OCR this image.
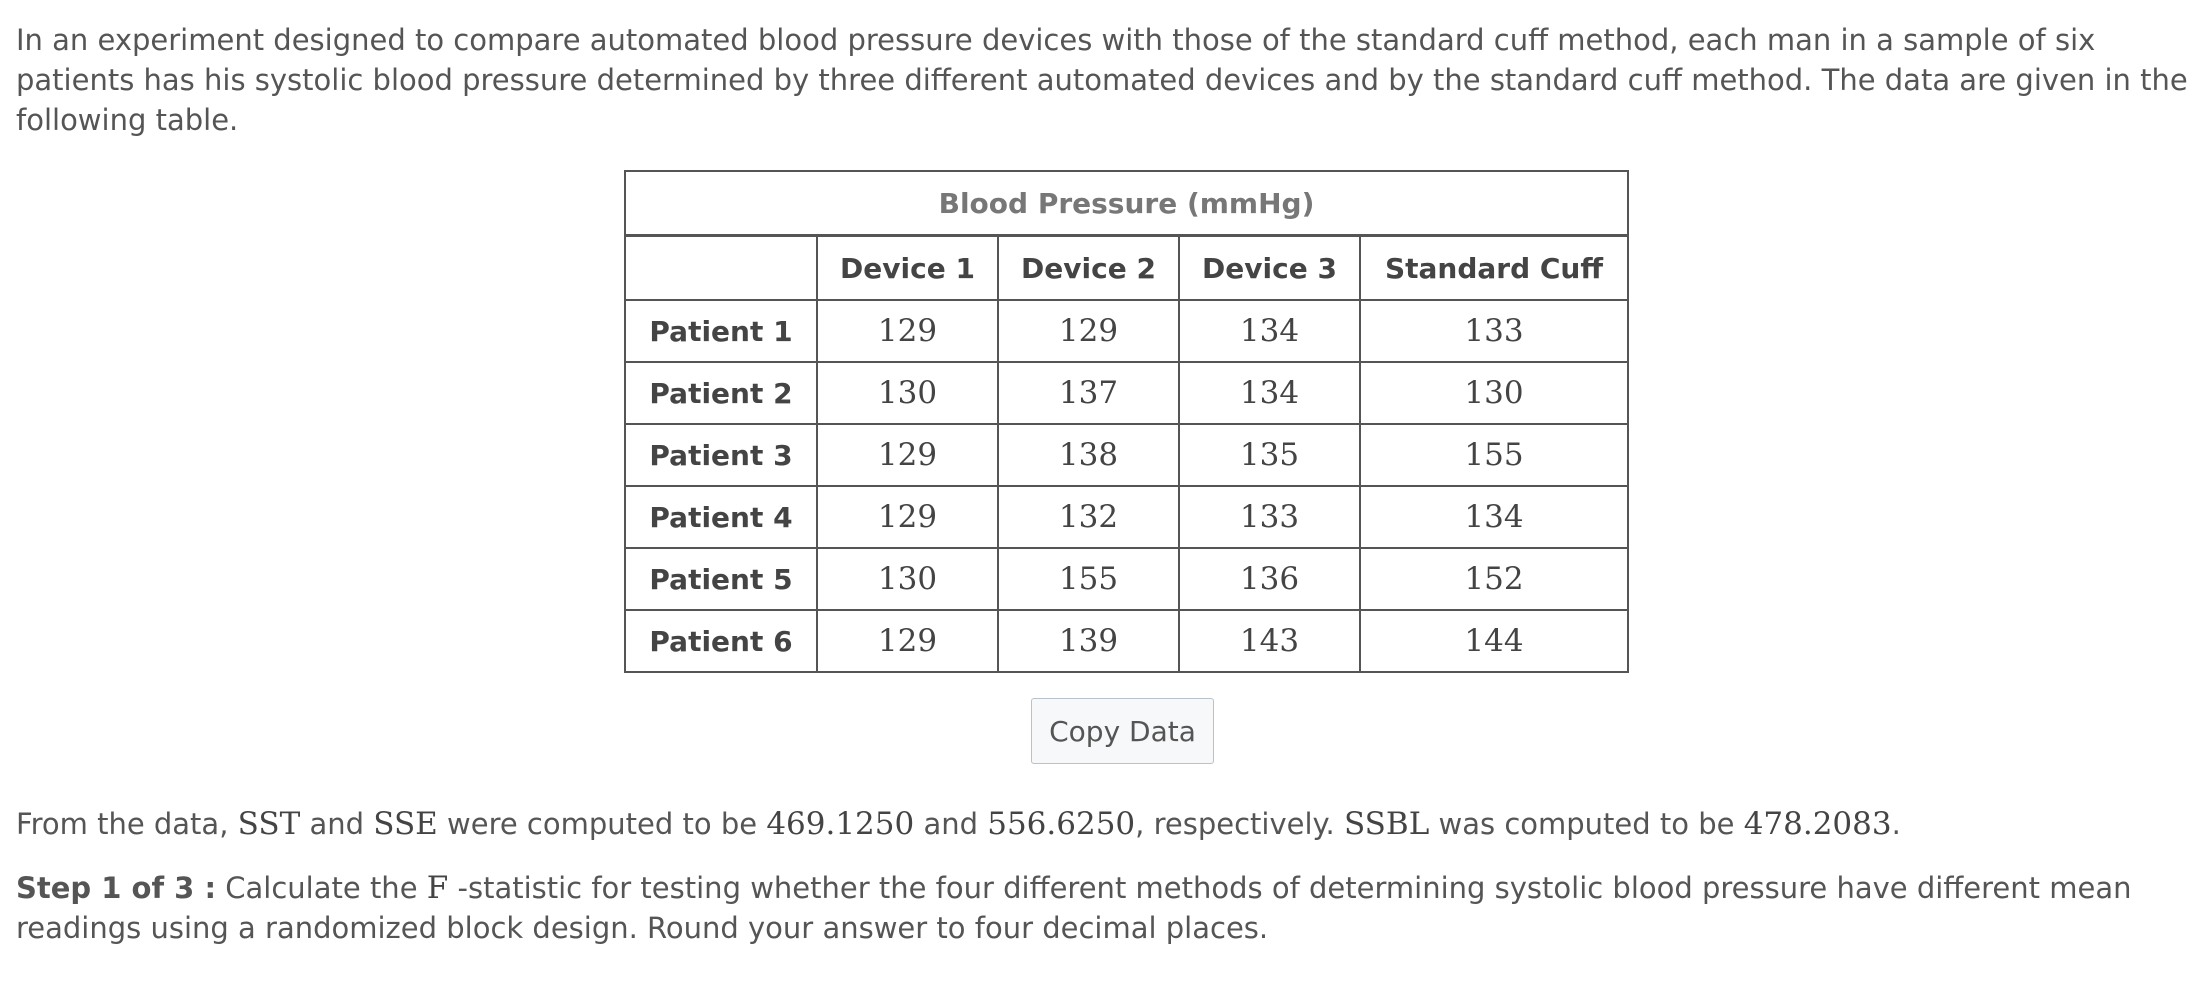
In an experiment designed to compare automated blood pressure devices with those of the standard cuff method, each man in a sample of six patients has his systolic blood pressure determined by three different automated devices and by the standard cuff method. The data are given in the following table.
Blood Pressure (mmHg)				
	Device 1	Device 2	Device 3	Standard Cuff
Patient 1	129	129	134	133
Patient 2	130	137	134	130
Patient 3	129	138	135	155
Patient 4	129	132	133	134
Patient 5	130	155	136	152
Patient 6	129	139	143	144
Copy Data
From the data, SST and SSE were computed to be 469.1250 and 556.6250, respectively. SSBL was computed to be 478.2083.
Step 1 of 3 : Calculate the F -statistic for testing whether the four different methods of determining systolic blood pressure have different mean readings using a randomized block design. Round your answer to four decimal places.
